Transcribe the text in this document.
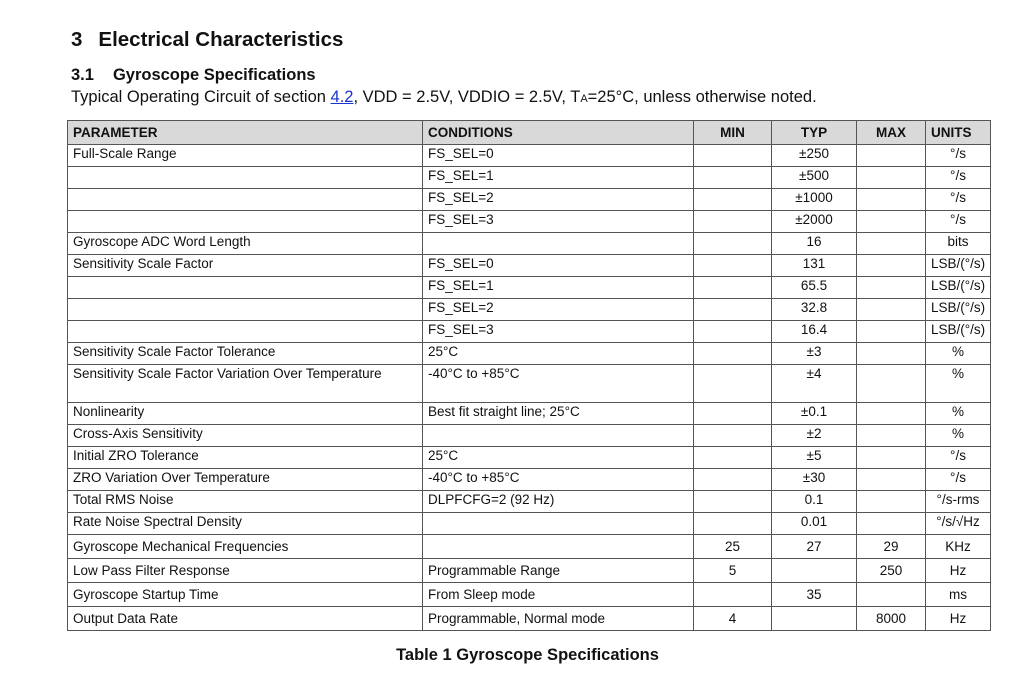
3 Electrical Characteristics
3.1 Gyroscope Specifications
Typical Operating Circuit of section 4.2, VDD = 2.5V, VDDIO = 2.5V, TA=25°C, unless otherwise noted.
PARAMETER	CONDITIONS	MIN	TYP	MAX	UNITS
Full-Scale Range	FS_SEL=0		±250		°/s
	FS_SEL=1		±500		°/s
	FS_SEL=2		±1000		°/s
	FS_SEL=3		±2000		°/s
Gyroscope ADC Word Length			16		bits
Sensitivity Scale Factor	FS_SEL=0		131		LSB/(°/s)
	FS_SEL=1		65.5		LSB/(°/s)
	FS_SEL=2		32.8		LSB/(°/s)
	FS_SEL=3		16.4		LSB/(°/s)
Sensitivity Scale Factor Tolerance	25°C		±3		%
Sensitivity Scale Factor Variation Over Temperature	-40°C to +85°C		±4		%
Nonlinearity	Best fit straight line; 25°C		±0.1		%
Cross-Axis Sensitivity			±2		%
Initial ZRO Tolerance	25°C		±5		°/s
ZRO Variation Over Temperature	-40°C to +85°C		±30		°/s
Total RMS Noise	DLPFCFG=2 (92 Hz)		0.1		°/s-rms
Rate Noise Spectral Density			0.01		°/s/√Hz
Gyroscope Mechanical Frequencies		25	27	29	KHz
Low Pass Filter Response	Programmable Range	5		250	Hz
Gyroscope Startup Time	From Sleep mode		35		ms
Output Data Rate	Programmable, Normal mode	4		8000	Hz
Table 1 Gyroscope Specifications
